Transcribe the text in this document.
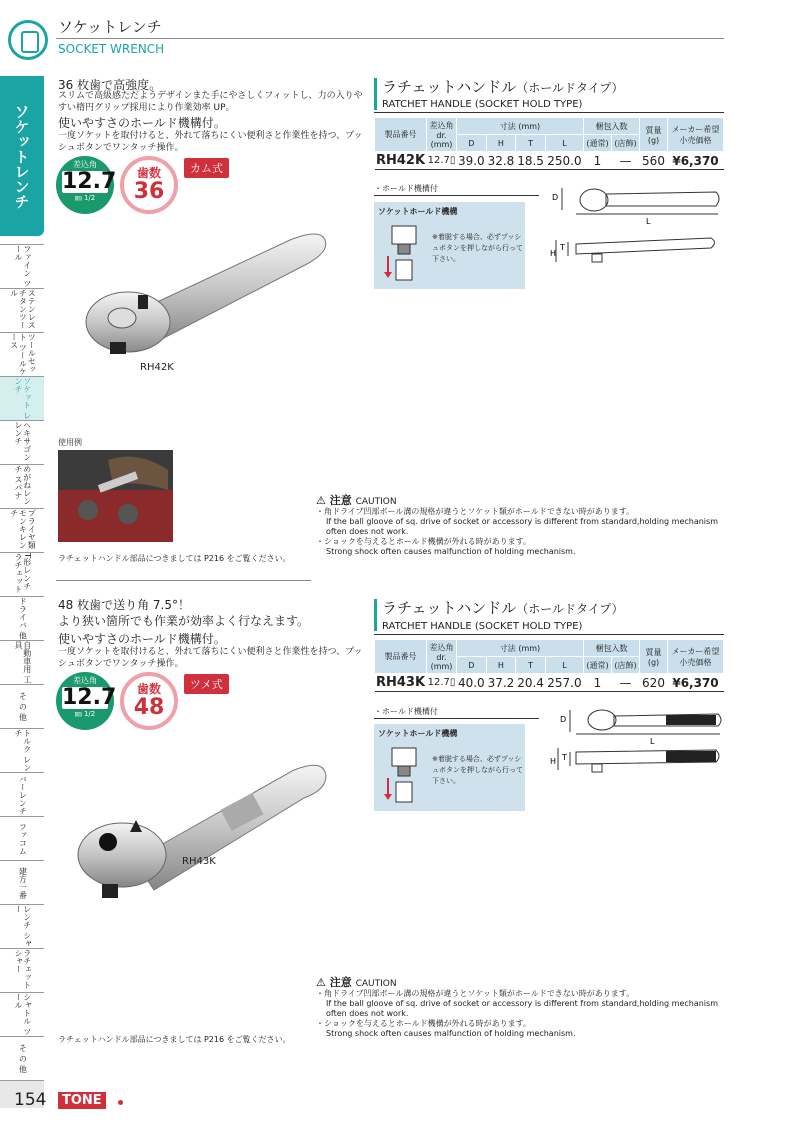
ソケットレンチ
SOCKET WRENCH
ソケットレンチ
ファイン ツール
ステンレス チタンツール
ツールセット ツールケース
ソケット レンチ
ヘキサゴン レンチ
めがねレンチ スパナ
プライヤ類 モンキレンチ
T形レンチ ラチェット
ドライバ 他
自動車用 工具
そ の 他
トルク レンチ
バーレンチ
ファコム
建方一番
レンチ シャー
ラチェット シャー
シャトル ツール
そ の 他
36 枚歯で高強度。
スリムで高級感ただようデザインまた手にやさしくフィットし、力の入りやすい楕円グリップ採用により作業効率 UP。
使いやすさのホールド機構付。
一度ソケットを取付けると、外れて落ちにくい便利さと作業性を持つ、プッシュボタンでワンタッチ操作。
差込角
12.7
㎜ 1/2
歯数
36
カム式
RH42K
使用例
ラチェットハンドル部品につきましては P216 をご覧ください。
ラチェットハンドル（ホールドタイプ）
RATCHET HANDLE (SOCKET HOLD TYPE)
製品番号	差込角 dr. (mm)	寸法 (mm)				梱包入数		質量 (g)	メーカー希望 小売価格
		D	H	T	L	(通常)	(店飾)		
RH42K	12.7▯	39.0	32.8	18.5	250.0	1	—	560	¥6,370
・ホールド機構付
ソケットホールド機構
※着脱する場合、必ずプッシュボタンを押しながら行って下さい。
D
L
H
T
⚠ 注意 CAUTION
・角ドライブ凹部ボール溝の規格が違うとソケット類がホールドできない時があります。
If the ball gloove of sq. drive of socket or accessory is different from standard,holding mechanism often does not work.
・ショックを与えるとホールド機構が外れる時があります。
Strong shock often causes malfunction of holding mechanism.
48 枚歯で送り角 7.5°！
より狭い箇所でも作業が効率よく行なえます。
使いやすさのホールド機構付。
一度ソケットを取付けると、外れて落ちにくい便利さと作業性を持つ、プッシュボタンでワンタッチ操作。
差込角
12.7
㎜ 1/2
歯数
48
ツメ式
RH43K
ラチェットハンドル部品につきましては P216 をご覧ください。
ラチェットハンドル（ホールドタイプ）
RATCHET HANDLE (SOCKET HOLD TYPE)
製品番号	差込角 dr. (mm)	寸法 (mm)				梱包入数		質量 (g)	メーカー希望 小売価格
		D	H	T	L	(通常)	(店飾)		
RH43K	12.7▯	40.0	37.2	20.4	257.0	1	—	620	¥6,370
・ホールド機構付
ソケットホールド機構
※着脱する場合、必ずプッシュボタンを押しながら行って下さい。
D
L
H T
⚠ 注意 CAUTION
・角ドライブ凹部ボール溝の規格が違うとソケット類がホールドできない時があります。
If the ball gloove of sq. drive of socket or accessory is different from standard,holding mechanism often does not work.
・ショックを与えるとホールド機構が外れる時があります。
Strong shock often causes malfunction of holding mechanism.
154	TONE
